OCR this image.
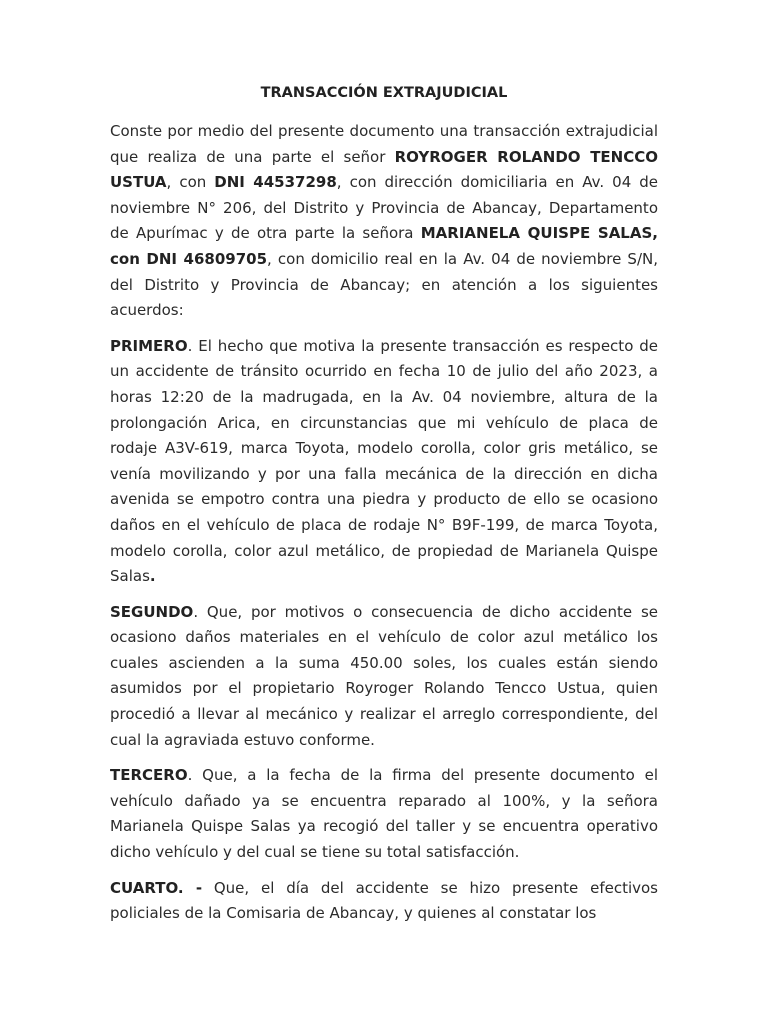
TRANSACCIÓN EXTRAJUDICIAL

Conste por medio del presente documento una transacción extrajudicial que realiza de una parte el señor ROYROGER ROLANDO TENCCO USTUA, con DNI 44537298, con dirección domiciliaria en Av. 04 de noviembre N° 206, del Distrito y Provincia de Abancay, Departamento de Apurímac y de otra parte la señora MARIANELA QUISPE SALAS, con DNI 46809705, con domicilio real en la Av. 04 de noviembre S/N, del Distrito y Provincia de Abancay; en atención a los siguientes acuerdos:

PRIMERO. El hecho que motiva la presente transacción es respecto de un accidente de tránsito ocurrido en fecha 10 de julio del año 2023, a horas 12:20 de la madrugada, en la Av. 04 noviembre, altura de la prolongación Arica, en circunstancias que mi vehículo de placa de rodaje A3V-619, marca Toyota, modelo corolla, color gris metálico, se venía movilizando y por una falla mecánica de la dirección en dicha avenida se empotro contra una piedra y producto de ello se ocasiono daños en el vehículo de placa de rodaje N° B9F-199, de marca Toyota, modelo corolla, color azul metálico, de propiedad de Marianela Quispe Salas.

SEGUNDO. Que, por motivos o consecuencia de dicho accidente se ocasiono daños materiales en el vehículo de color azul metálico los cuales ascienden a la suma 450.00 soles, los cuales están siendo asumidos por el propietario Royroger Rolando Tencco Ustua, quien procedió a llevar al mecánico y realizar el arreglo correspondiente, del cual la agraviada estuvo conforme.

TERCERO. Que, a la fecha de la firma del presente documento el vehículo dañado ya se encuentra reparado al 100%, y la señora Marianela Quispe Salas ya recogió del taller y se encuentra operativo dicho vehículo y del cual se tiene su total satisfacción.

CUARTO. - Que, el día del accidente se hizo presente efectivos policiales de la Comisaria de Abancay, y quienes al constatar los
